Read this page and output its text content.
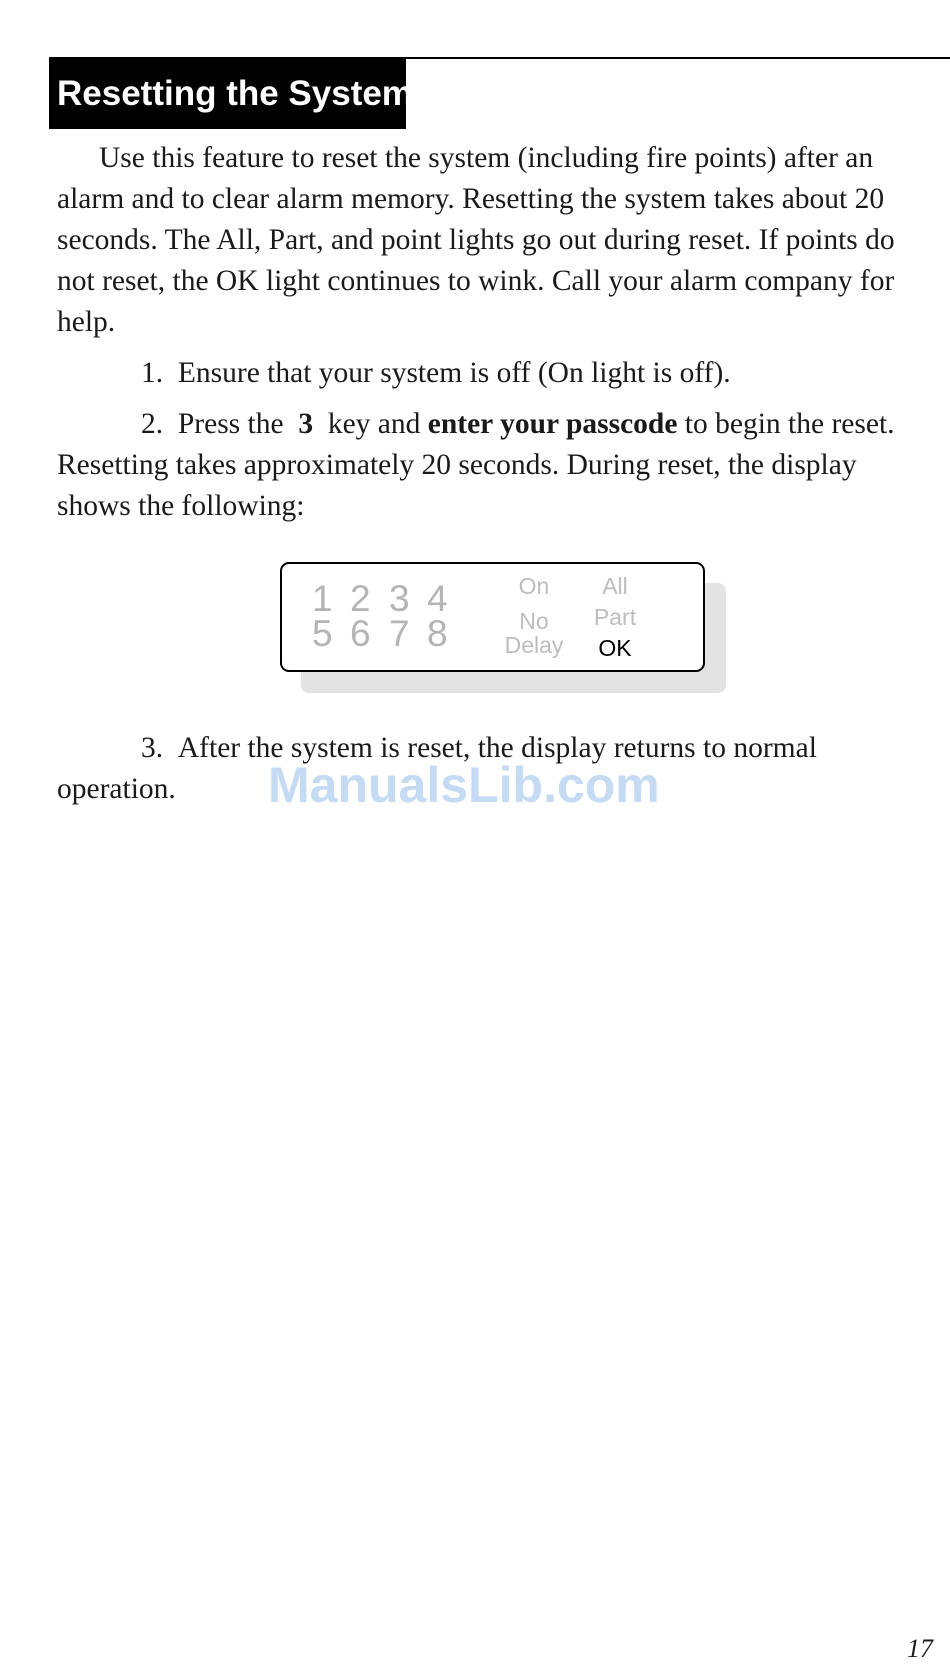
Resetting the System

Use this feature to reset the system (including fire points) after an alarm and to clear alarm memory. Resetting the system takes about 20 seconds. The All, Part, and point lights go out during reset. If points do not reset, the OK light continues to wink. Call your alarm company for help.

1. Ensure that your system is off (On light is off).

2. Press the 3 key and enter your passcode to begin the reset. Resetting takes approximately 20 seconds. During reset, the display shows the following:

1 2 3 4
5 6 7 8
On
No
Delay
All
Part
OK

3. After the system is reset, the display returns to normal operation.	ManualsLib.com
17
